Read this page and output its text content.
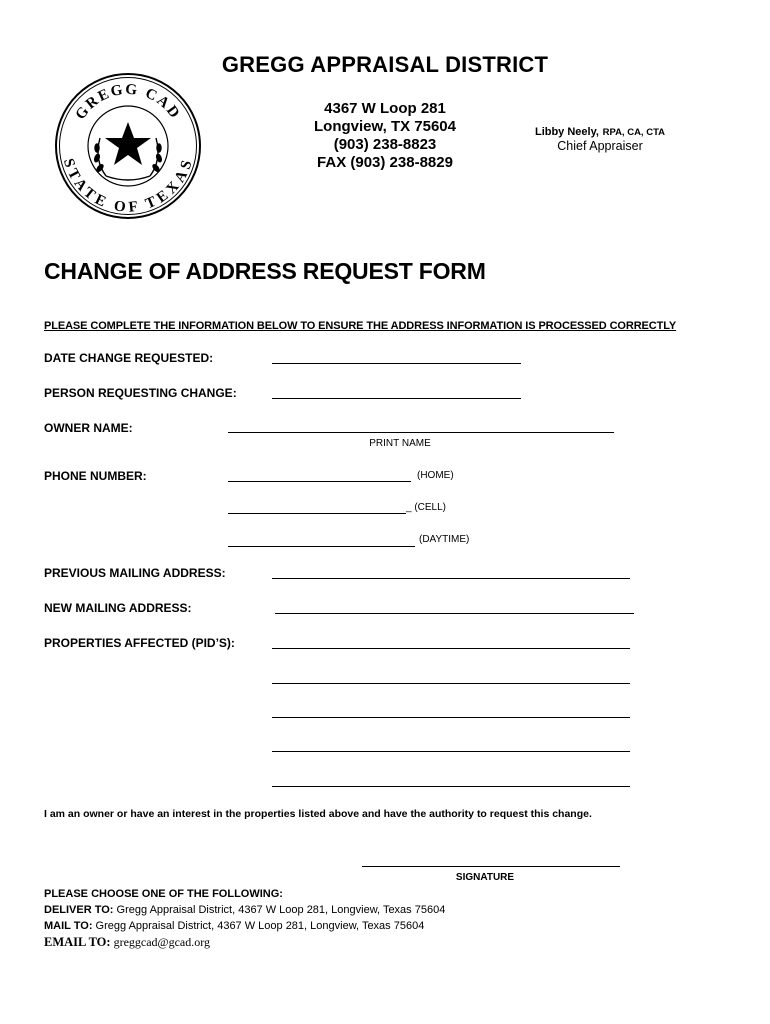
GREGG CAD
STATE OF TEXAS
GREGG APPRAISAL DISTRICT
4367 W Loop 281
Longview, TX 75604
(903) 238-8823
FAX (903) 238-8829
Libby Neely, RPA, CA, CTA
Chief Appraiser
CHANGE OF ADDRESS REQUEST FORM
PLEASE COMPLETE THE INFORMATION BELOW TO ENSURE THE ADDRESS INFORMATION IS PROCESSED CORRECTLY
DATE CHANGE REQUESTED:
PERSON REQUESTING CHANGE:
OWNER NAME:
PRINT NAME
PHONE NUMBER:	(HOME)
_ (CELL)
(DAYTIME)
PREVIOUS MAILING ADDRESS:
NEW MAILING ADDRESS:
PROPERTIES AFFECTED (PID’S):
I am an owner or have an interest in the properties listed above and have the authority to request this change.
SIGNATURE
PLEASE CHOOSE ONE OF THE FOLLOWING:
DELIVER TO: Gregg Appraisal District, 4367 W Loop 281, Longview, Texas 75604
MAIL TO: Gregg Appraisal District, 4367 W Loop 281, Longview, Texas 75604
EMAIL TO: greggcad@gcad.org
